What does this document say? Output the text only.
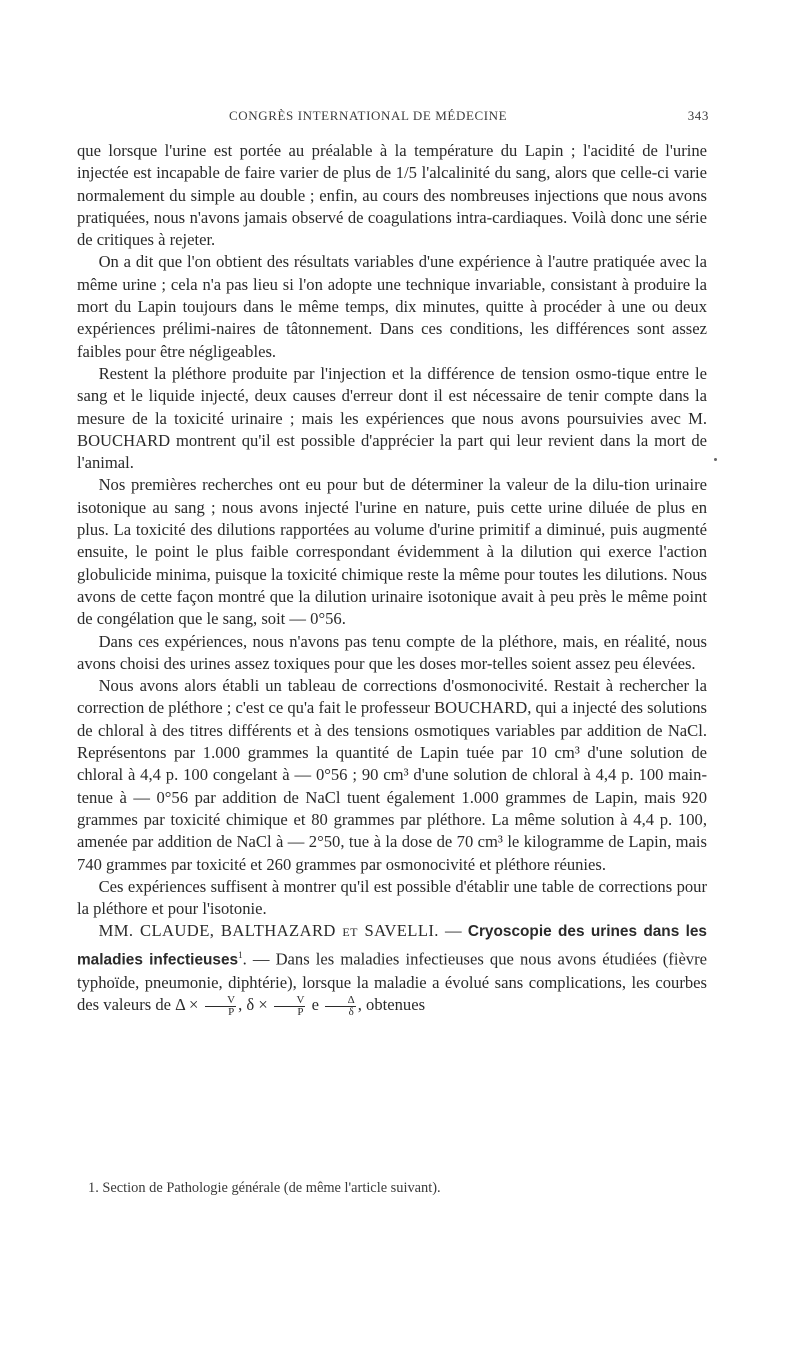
CONGRÈS INTERNATIONAL DE MÉDECINE	343

que lorsque l'urine est portée au préalable à la température du Lapin ; l'acidité de l'urine injectée est incapable de faire varier de plus de 1/5 l'alcalinité du sang, alors que celle-ci varie normalement du simple au double ; enfin, au cours des nombreuses injections que nous avons pratiquées, nous n'avons jamais observé de coagulations intra-cardiaques. Voilà donc une série de critiques à rejeter.

On a dit que l'on obtient des résultats variables d'une expérience à l'autre pratiquée avec la même urine ; cela n'a pas lieu si l'on adopte une technique invariable, consistant à produire la mort du Lapin toujours dans le même temps, dix minutes, quitte à procéder à une ou deux expériences prélimi-naires de tâtonnement. Dans ces conditions, les différences sont assez faibles pour être négligeables.

Restent la pléthore produite par l'injection et la différence de tension osmo-tique entre le sang et le liquide injecté, deux causes d'erreur dont il est nécessaire de tenir compte dans la mesure de la toxicité urinaire ; mais les expériences que nous avons poursuivies avec M. BOUCHARD montrent qu'il est possible d'apprécier la part qui leur revient dans la mort de l'animal.

Nos premières recherches ont eu pour but de déterminer la valeur de la dilu-tion urinaire isotonique au sang ; nous avons injecté l'urine en nature, puis cette urine diluée de plus en plus. La toxicité des dilutions rapportées au volume d'urine primitif a diminué, puis augmenté ensuite, le point le plus faible correspondant évidemment à la dilution qui exerce l'action globulicide minima, puisque la toxicité chimique reste la même pour toutes les dilutions. Nous avons de cette façon montré que la dilution urinaire isotonique avait à peu près le même point de congélation que le sang, soit — 0°56.

Dans ces expériences, nous n'avons pas tenu compte de la pléthore, mais, en réalité, nous avons choisi des urines assez toxiques pour que les doses mor-telles soient assez peu élevées.

Nous avons alors établi un tableau de corrections d'osmonocivité. Restait à rechercher la correction de pléthore ; c'est ce qu'a fait le professeur BOUCHARD, qui a injecté des solutions de chloral à des titres différents et à des tensions osmotiques variables par addition de NaCl. Représentons par 1.000 grammes la quantité de Lapin tuée par 10 cm³ d'une solution de chloral à 4,4 p. 100 congelant à — 0°56 ; 90 cm³ d'une solution de chloral à 4,4 p. 100 main-tenue à — 0°56 par addition de NaCl tuent également 1.000 grammes de Lapin, mais 920 grammes par toxicité chimique et 80 grammes par pléthore. La même solution à 4,4 p. 100, amenée par addition de NaCl à — 2°50, tue à la dose de 70 cm³ le kilogramme de Lapin, mais 740 grammes par toxicité et 260 grammes par osmonocivité et pléthore réunies.

Ces expériences suffisent à montrer qu'il est possible d'établir une table de corrections pour la pléthore et pour l'isotonie.

MM. CLAUDE, BALTHAZARD et SAVELLI. — Cryoscopie des urines dans les maladies infectieuses$^1$. — Dans les maladies infectieuses que nous avons étudiées (fièvre typhoïde, pneumonie, diphtérie), lorsque la maladie a évolué sans complications, les courbes des valeurs de $\Delta \times \frac{V}{P}$ , $\delta \times \frac{V}{P}$ e $\frac{\Delta}{\delta}$ , obtenues

1. Section de Pathologie générale (de même l'article suivant).
